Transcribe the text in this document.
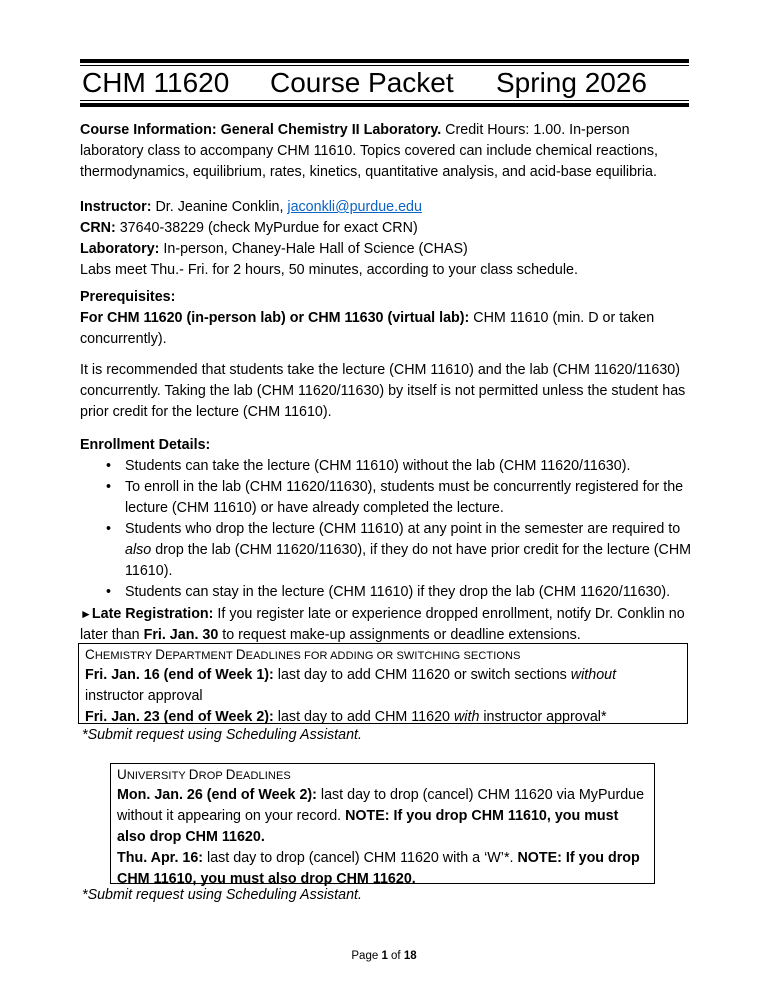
CHM 11620 Course Packet Spring 2026

Course Information: General Chemistry II Laboratory. Credit Hours: 1.00. In-person laboratory class to accompany CHM 11610. Topics covered can include chemical reactions, thermodynamics, equilibrium, rates, kinetics, quantitative analysis, and acid-base equilibria.

Instructor: Dr. Jeanine Conklin, jaconkli@purdue.edu

CRN: 37640-38229 (check MyPurdue for exact CRN)

Laboratory: In-person, Chaney-Hale Hall of Science (CHAS)

Labs meet Thu.- Fri. for 2 hours, 50 minutes, according to your class schedule.

Prerequisites:

For CHM 11620 (in-person lab) or CHM 11630 (virtual lab): CHM 11610 (min. D or taken concurrently).

It is recommended that students take the lecture (CHM 11610) and the lab (CHM 11620/11630) concurrently. Taking the lab (CHM 11620/11630) by itself is not permitted unless the student has prior credit for the lecture (CHM 11610).

Enrollment Details:

• Students can take the lecture (CHM 11610) without the lab (CHM 11620/11630).
• To enroll in the lab (CHM 11620/11630), students must be concurrently registered for the lecture (CHM 11610) or have already completed the lecture.
• Students who drop the lecture (CHM 11610) at any point in the semester are required to also drop the lab (CHM 11620/11630), if they do not have prior credit for the lecture (CHM 11610).
• Students can stay in the lecture (CHM 11610) if they drop the lab (CHM 11620/11630).

►Late Registration: If you register late or experience dropped enrollment, notify Dr. Conklin no later than Fri. Jan. 30 to request make-up assignments or deadline extensions.

CHEMISTRY DEPARTMENT DEADLINES FOR ADDING OR SWITCHING SECTIONS
Fri. Jan. 16 (end of Week 1): last day to add CHM 11620 or switch sections without
instructor approval
Fri. Jan. 23 (end of Week 2): last day to add CHM 11620 with instructor approval*
*Submit request using Scheduling Assistant.
UNIVERSITY DROP DEADLINES
Mon. Jan. 26 (end of Week 2): last day to drop (cancel) CHM 11620 via MyPurdue without it appearing on your record. NOTE: If you drop CHM 11610, you must also drop CHM 11620.
Thu. Apr. 16: last day to drop (cancel) CHM 11620 with a ‘W’*. NOTE: If you drop CHM 11610, you must also drop CHM 11620.
*Submit request using Scheduling Assistant.
Page 1 of 18
